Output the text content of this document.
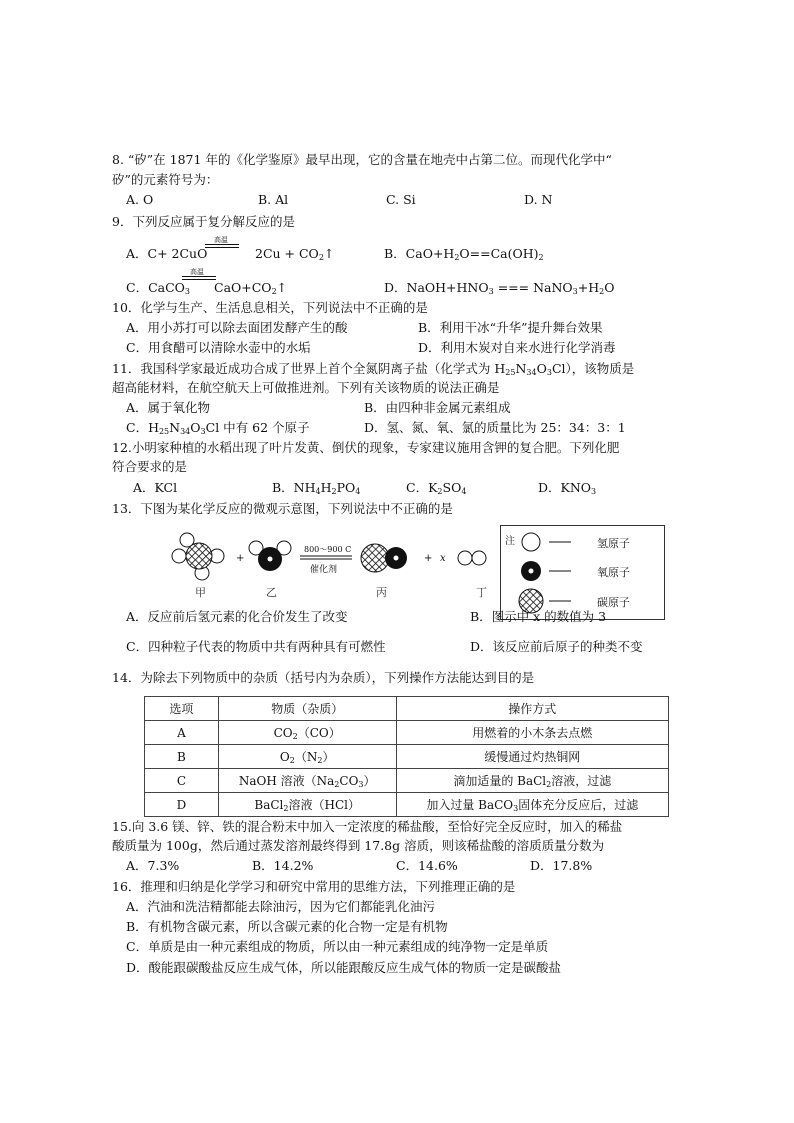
8. “矽”在 1871 年的《化学鉴原》最早出现，它的含量在地壳中占第二位。而现代化学中“
矽”的元素符号为：
A. O	B. Al	C. Si	D. N
9．下列反应属于复分解反应的是
A．C+ 2CuO
高温
$2Cu + CO_2↑$	B．$CaO+H_2O==Ca(OH)_2$
C．CaCO$_3$
高温
$CaO+CO_2↑$	D．$NaOH+HNO_3$ === $NaNO_3+H_2O$
10．化学与生产、生活息息相关，下列说法中不正确的是
A．用小苏打可以除去面团发酵产生的酸	B．利用干冰“升华”提升舞台效果
C．用食醋可以清除水壶中的水垢	D．利用木炭对自来水进行化学消毒
11．我国科学家最近成功合成了世界上首个全氮阴离子盐（化学式为 $H_{25}N_{34}O_3Cl$），该物质是
超高能材料，在航空航天上可做推进剂。下列有关该物质的说法正确是
A．属于氧化物	B．由四种非金属元素组成
C．$H_{25}N_{34}O_3Cl$ 中有 62 个原子	D．氢、氮、氧、氯的质量比为 25：34：3：1
12.小明家种植的水稻出现了叶片发黄、倒伏的现象，专家建议施用含钾的复合肥。下列化肥
符合要求的是
A．KCl	B．$NH_4H_2PO_4$	C．$K_2SO_4$	D．$KNO_3$
13．下图为某化学反应的微观示意图，下列说法中不正确的是
+
800～900 C
催化剂
+ x
甲	乙	丙	丁
注	氢原子
氧原子
碳原子
A．反应前后氢元素的化合价发生了改变	B．图示中 x 的数值为 3
C．四种粒子代表的物质中共有两种具有可燃性	D．该反应前后原子的种类不变
14．为除去下列物质中的杂质（括号内为杂质），下列操作方法能达到目的是
选项	物质（杂质）	操作方式
A	$CO_2(CO)$	用燃着的小木条去点燃
B	$O_2(N_2)$	缓慢通过灼热铜网
C	NaOH 溶液$(Na_2CO_3)$	滴加适量的 BaCl$_2$溶液，过滤
D	BaCl$_2$溶液（HCl）	加入过量 BaCO$_3$固体充分反应后，过滤
15.向 3.6 镁、锌、铁的混合粉末中加入一定浓度的稀盐酸，至恰好完全反应时，加入的稀盐
酸质量为 100g，然后通过蒸发溶剂最终得到 17.8g 溶质，则该稀盐酸的溶质质量分数为
A．7.3%	B．14.2%	C．14.6%	D．17.8%
16．推理和归纳是化学学习和研究中常用的思维方法，下列推理正确的是
A．汽油和洗洁精都能去除油污，因为它们都能乳化油污
B．有机物含碳元素，所以含碳元素的化合物一定是有机物
C．单质是由一种元素组成的物质，所以由一种元素组成的纯净物一定是单质
D．酸能跟碳酸盐反应生成气体，所以能跟酸反应生成气体的物质一定是碳酸盐
